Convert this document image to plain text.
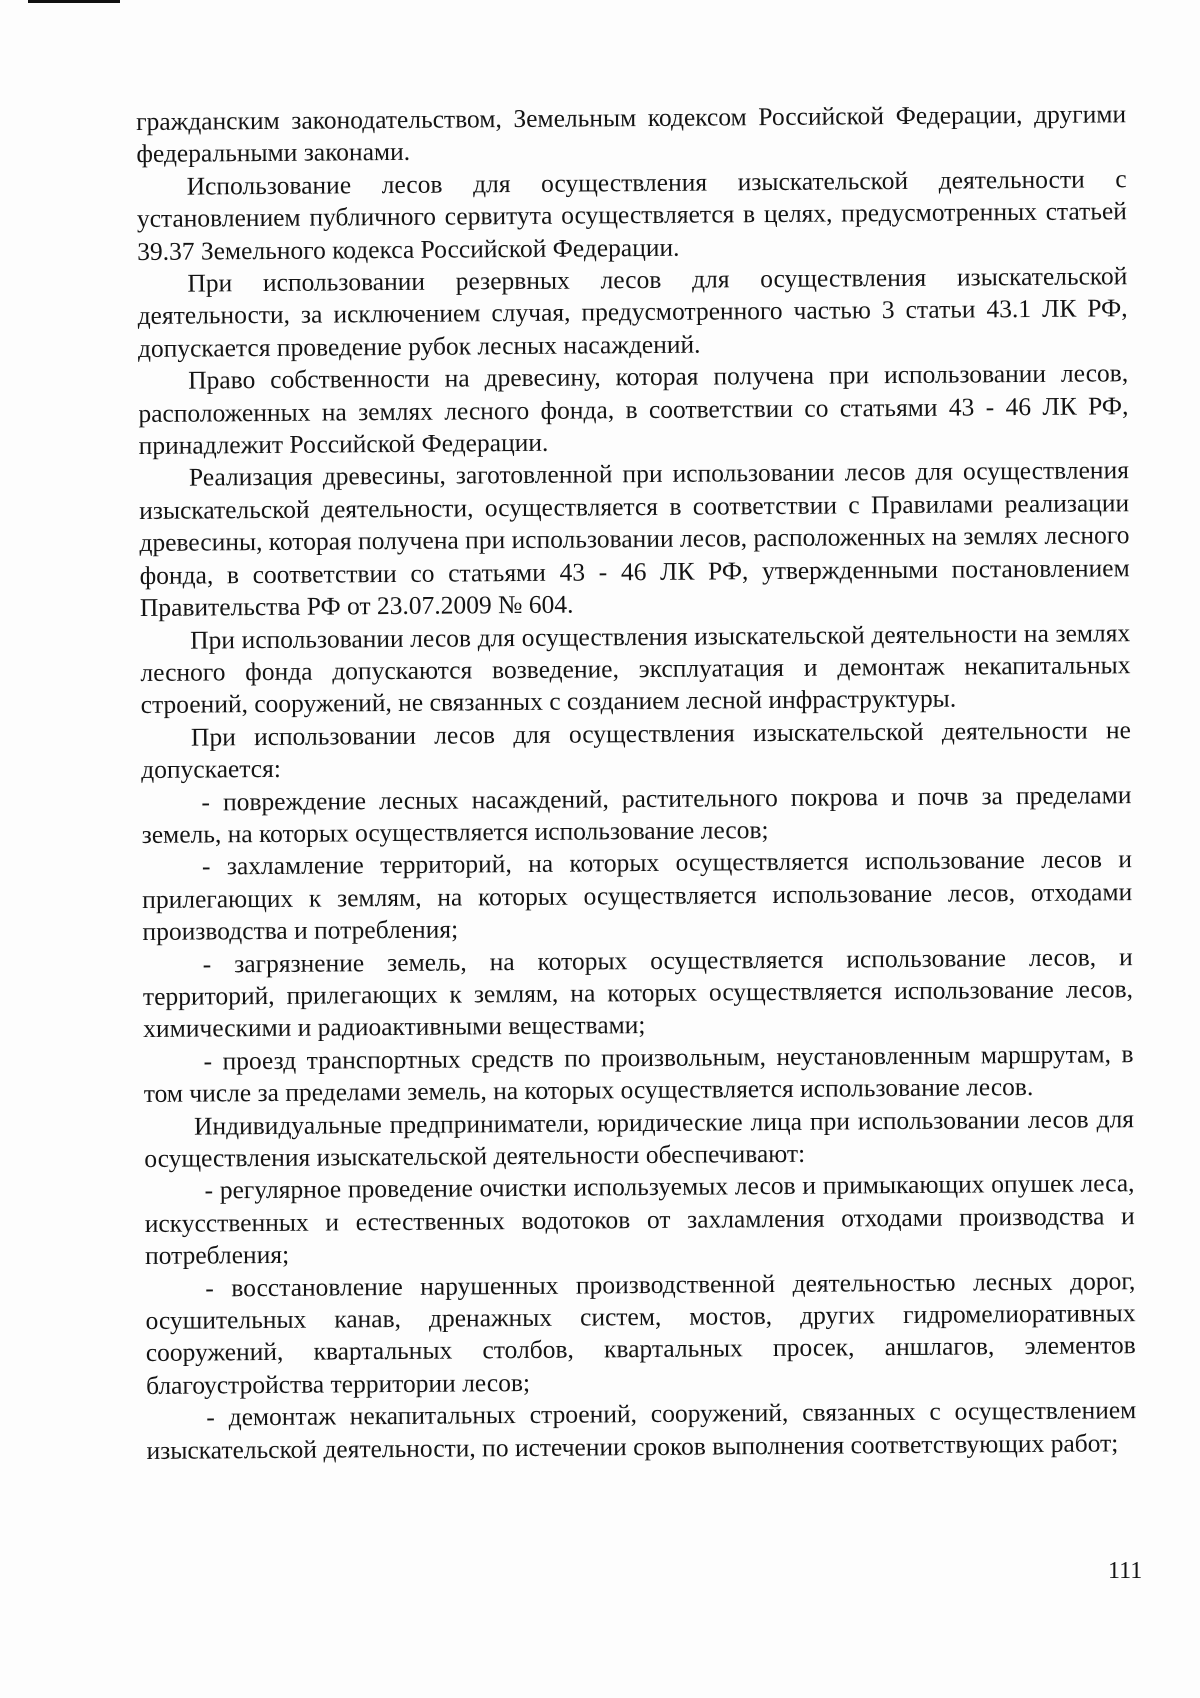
гражданским законодательством, Земельным кодексом Российской Федерации, другими федеральными законами.

Использование лесов для осуществления изыскательской деятельности с установлением публичного сервитута осуществляется в целях, предусмотренных статьей 39.37 Земельного кодекса Российской Федерации.

При использовании резервных лесов для осуществления изыскательской деятельности, за исключением случая, предусмотренного частью 3 статьи 43.1 ЛК РФ, допускается проведение рубок лесных насаждений.

Право собственности на древесину, которая получена при использовании лесов, расположенных на землях лесного фонда, в соответствии со статьями 43 - 46 ЛК РФ, принадлежит Российской Федерации.

Реализация древесины, заготовленной при использовании лесов для осуществления изыскательской деятельности, осуществляется в соответствии с Правилами реализации древесины, которая получена при использовании лесов, расположенных на землях лесного фонда, в соответствии со статьями 43 - 46 ЛК РФ, утвержденными постановлением Правительства РФ от 23.07.2009 № 604.

При использовании лесов для осуществления изыскательской деятельности на землях лесного фонда допускаются возведение, эксплуатация и демонтаж некапитальных строений, сооружений, не связанных с созданием лесной инфраструктуры.

При использовании лесов для осуществления изыскательской деятельности не допускается:

- повреждение лесных насаждений, растительного покрова и почв за пределами земель, на которых осуществляется использование лесов;

- захламление территорий, на которых осуществляется использование лесов и прилегающих к землям, на которых осуществляется использование лесов, отходами производства и потребления;

- загрязнение земель, на которых осуществляется использование лесов, и территорий, прилегающих к землям, на которых осуществляется использование лесов, химическими и радиоактивными веществами;

- проезд транспортных средств по произвольным, неустановленным маршрутам, в том числе за пределами земель, на которых осуществляется использование лесов.

Индивидуальные предприниматели, юридические лица при использовании лесов для осуществления изыскательской деятельности обеспечивают:

- регулярное проведение очистки используемых лесов и примыкающих опушек леса, искусственных и естественных водотоков от захламления отходами производства и потребления;

- восстановление нарушенных производственной деятельностью лесных дорог, осушительных канав, дренажных систем, мостов, других гидромелиоративных сооружений, квартальных столбов, квартальных просек, аншлагов, элементов благоустройства территории лесов;

- демонтаж некапитальных строений, сооружений, связанных с осуществлением изыскательской деятельности, по истечении сроков выполнения соответствующих работ;

111
